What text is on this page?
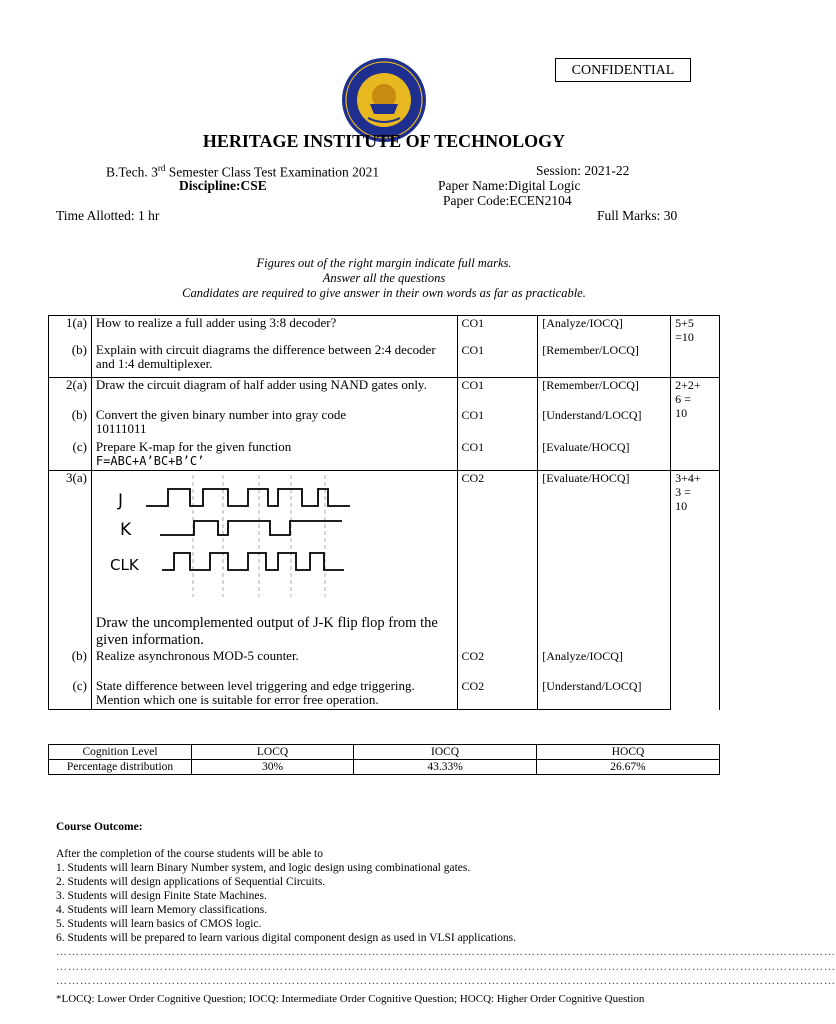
CONFIDENTIAL
HERITAGE INSTITUTE OF TECHNOLOGY
B.Tech. 3rd Semester Class Test Examination 2021	Session: 2021-22
Discipline:CSE	Paper Name:Digital Logic
Paper Code:ECEN2104
Time Allotted: 1 hr	Full Marks: 30
Figures out of the right margin indicate full marks.
Answer all the questions
Candidates are required to give answer in their own words as far as practicable.
1(a)	How to realize a full adder using 3:8 decoder?	CO1	[Analyze/IOCQ]	5+5
=10
(b)	Explain with circuit diagrams the difference between 2:4 decoder and 1:4 demultiplexer.	CO1	[Remember/LOCQ]	
2(a)	Draw the circuit diagram of half adder using NAND gates only.	CO1	[Remember/LOCQ]	2+2+
6 =
10
(b)	Convert the given binary number into gray code
10111011	CO1	[Understand/LOCQ]	
(c)	Prepare K-map for the given function
F=ABC+A’BC+B’C’	CO1	[Evaluate/HOCQ]	
3(a)	J
K
CLK
Draw the uncomplemented output of J-K flip flop from the given information.	CO2	[Evaluate/HOCQ]	3+4+
3 =
10
(b)	Realize asynchronous MOD-5 counter.	CO2	[Analyze/IOCQ]	
(c)	State difference between level triggering and edge triggering. Mention which one is suitable for error free operation.	CO2	[Understand/LOCQ]	
Cognition Level	LOCQ	IOCQ	HOCQ
Percentage distribution	30%	43.33%	26.67%
Course Outcome:
After the completion of the course students will be able to
1. Students will learn Binary Number system, and logic design using combinational gates.
2. Students will design applications of Sequential Circuits.
3. Students will design Finite State Machines.
4. Students will learn Memory classifications.
5. Students will learn basics of CMOS logic.
6. Students will be prepared to learn various digital component design as used in VLSI applications.
……………………………………………………………………………………………………………………………………………………………………………
……………………………………………………………………………………………………………………………………………………………………………
……………………………………………………………………………………………………………………………………………………………………………
*LOCQ: Lower Order Cognitive Question; IOCQ: Intermediate Order Cognitive Question; HOCQ: Higher Order Cognitive Question
